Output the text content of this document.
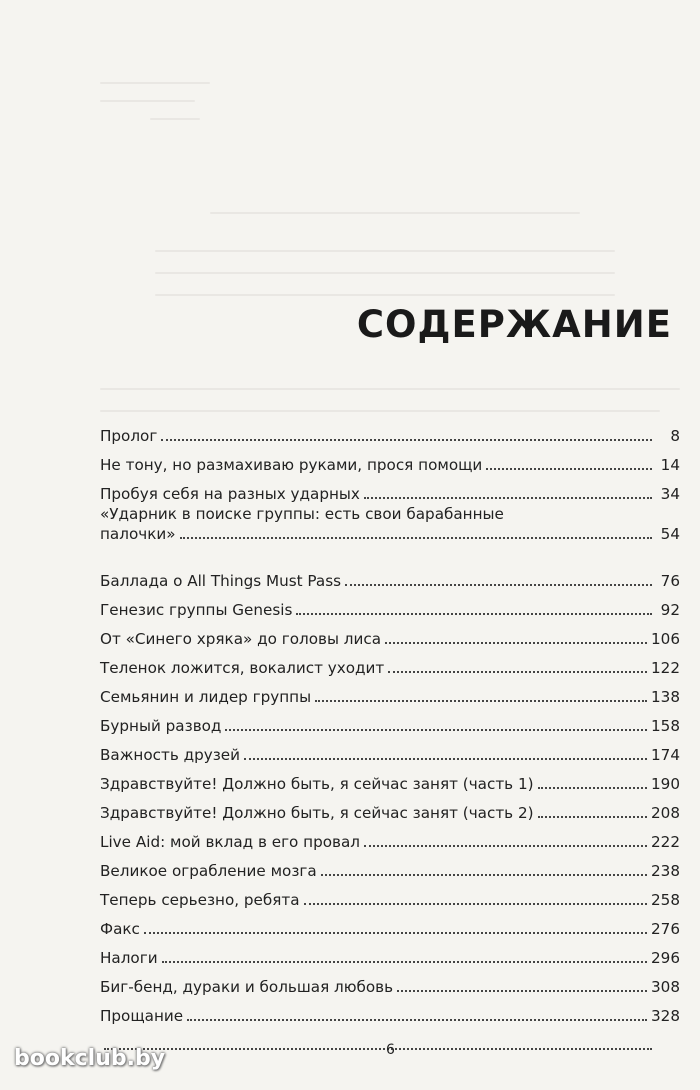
СОДЕРЖАНИЕ
Пролог	8
Не тону, но размахиваю руками, прося помощи	14
Пробуя себя на разных ударных	34
«Ударник в поиске группы: есть свои барабанные
палочки»	54
Баллада о All Things Must Pass	76
Генезис группы Genesis	92
От «Синего хряка» до головы лиса	106
Теленок ложится, вокалист уходит	122
Семьянин и лидер группы	138
Бурный развод	158
Важность друзей	174
Здравствуйте! Должно быть, я сейчас занят (часть 1)	190
Здравствуйте! Должно быть, я сейчас занят (часть 2)	208
Live Aid: мой вклад в его провал	222
Великое ограбление мозга	238
Теперь серьезно, ребята	258
Факс	276
Налоги	296
Биг-бенд, дураки и большая любовь	308
Прощание	328
6
bookclub.by
